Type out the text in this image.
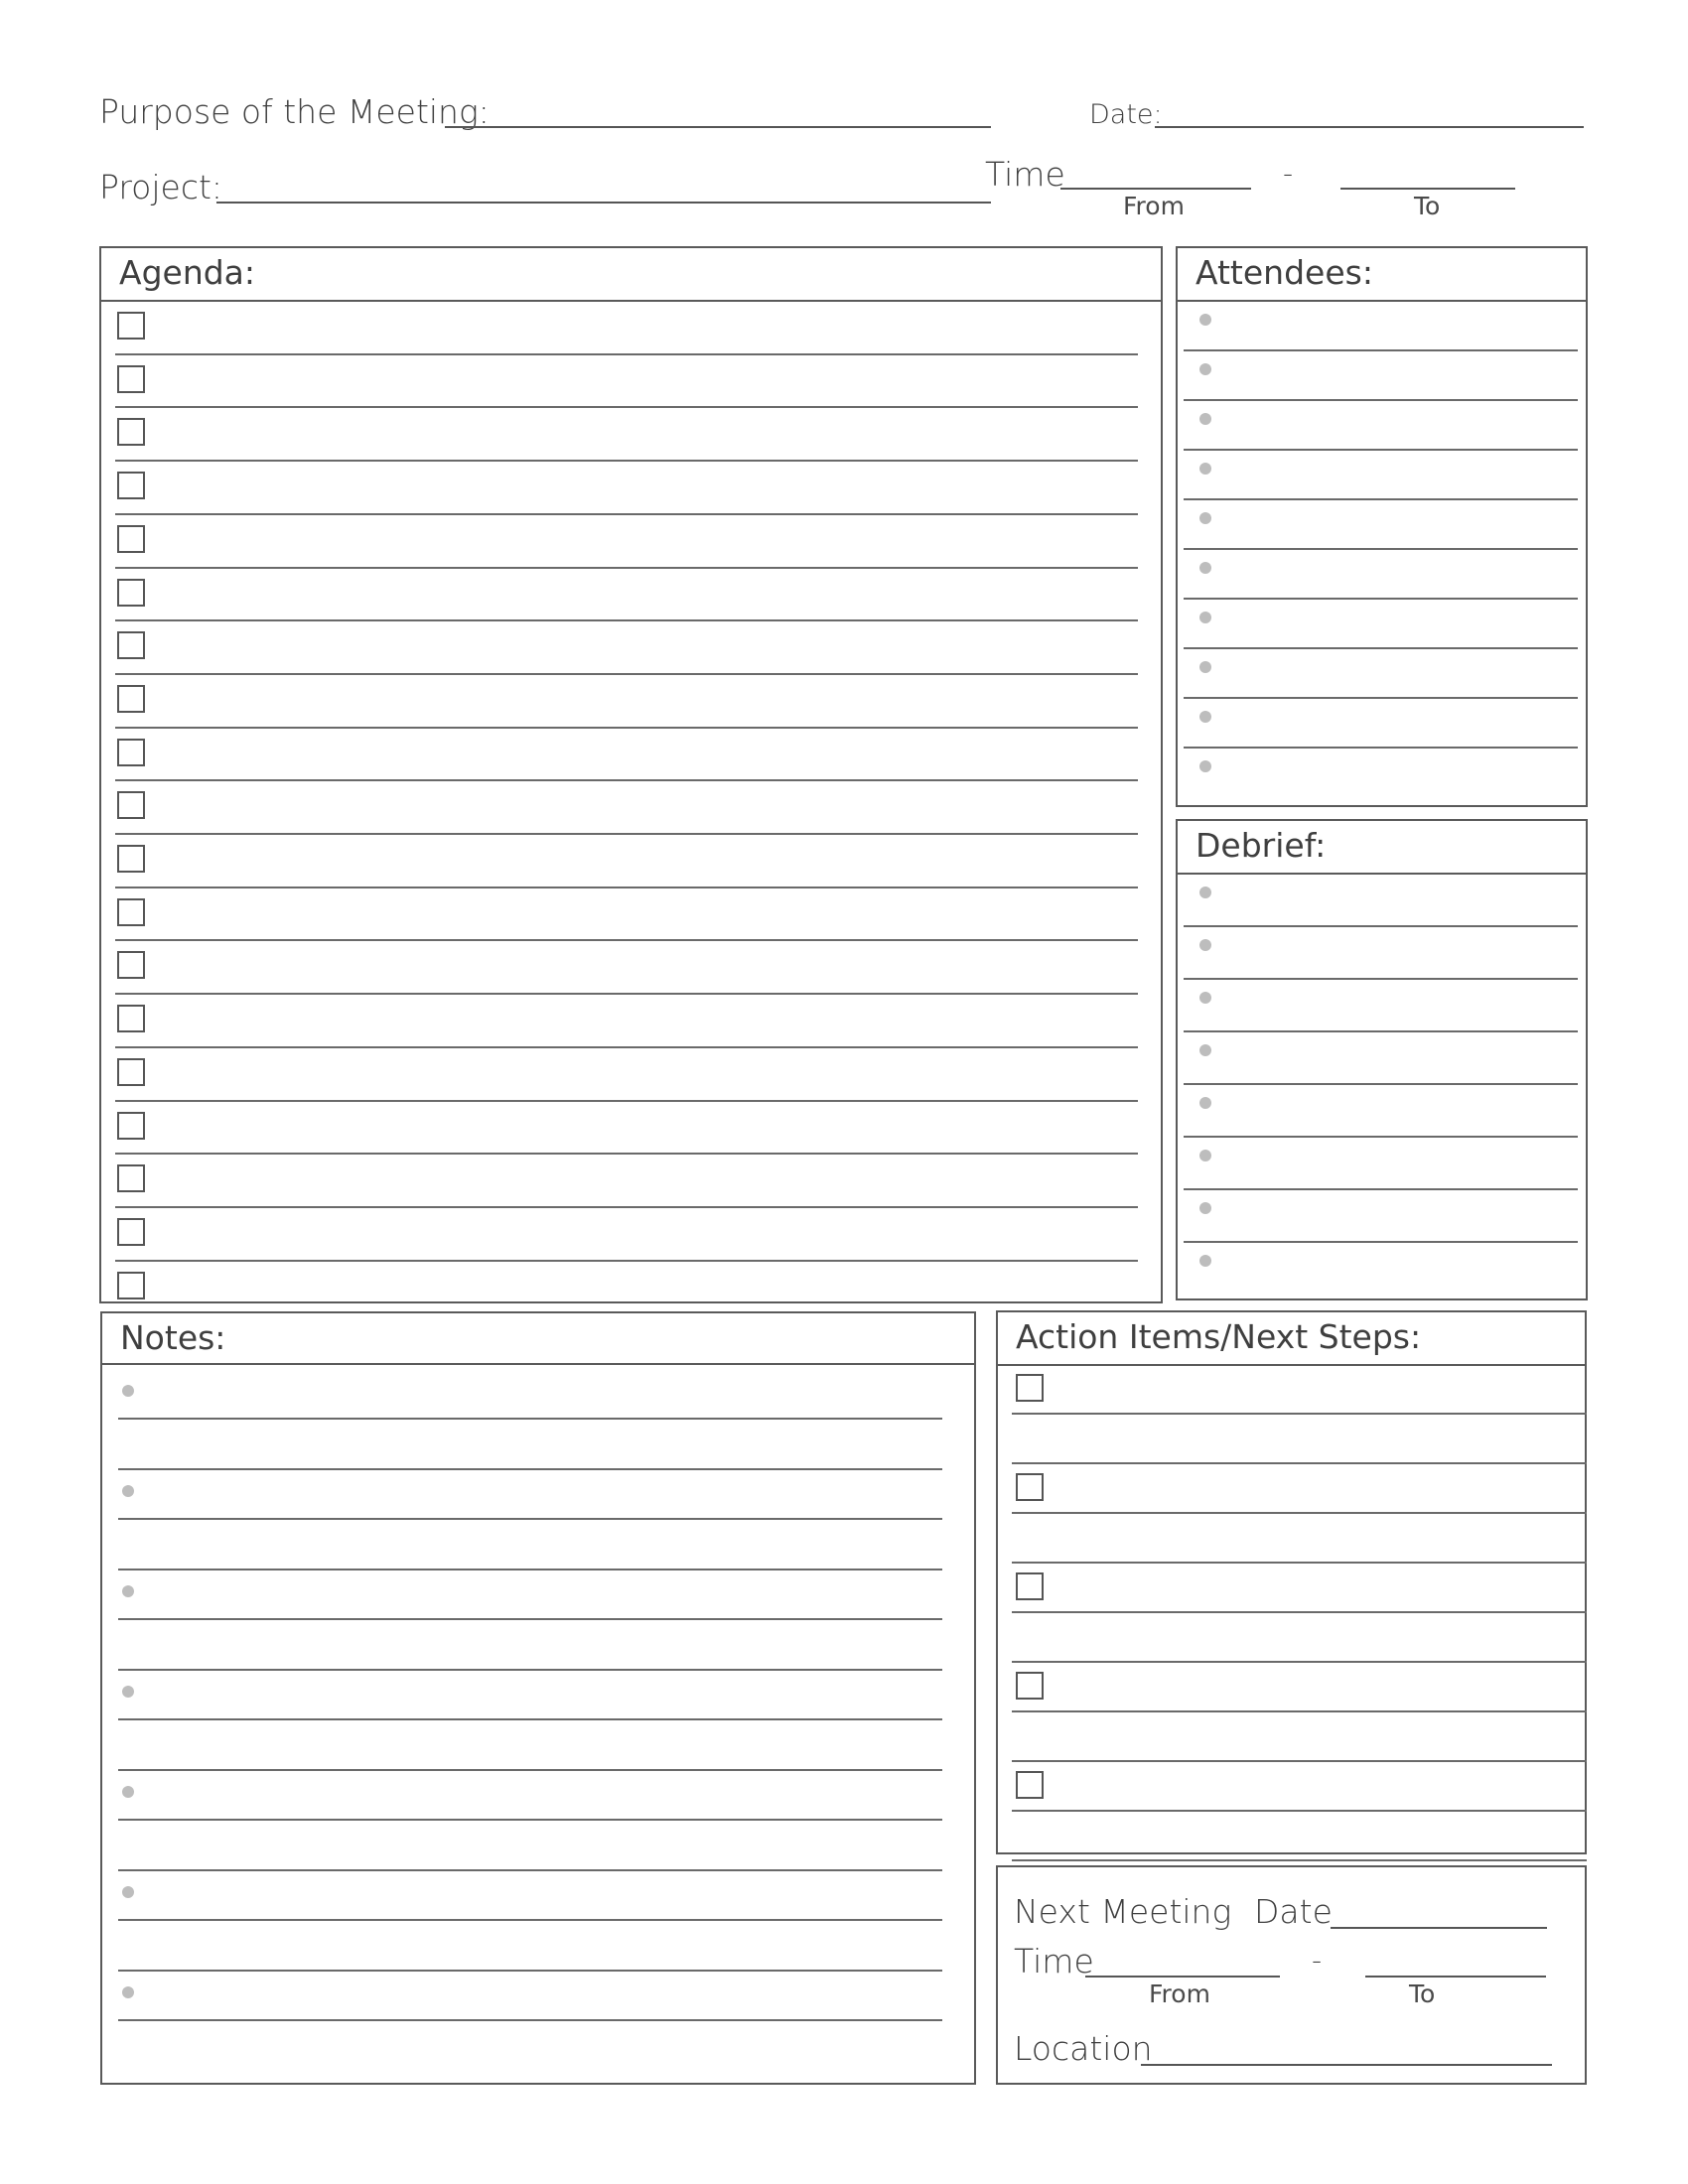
Purpose of the Meeting:	Date:
Project:	Time	-
From	To
Agenda:	Attendees:
Debrief:
Notes:	Action Items/Next Steps:
Next Meeting Date
Time	-
From	To
Location
